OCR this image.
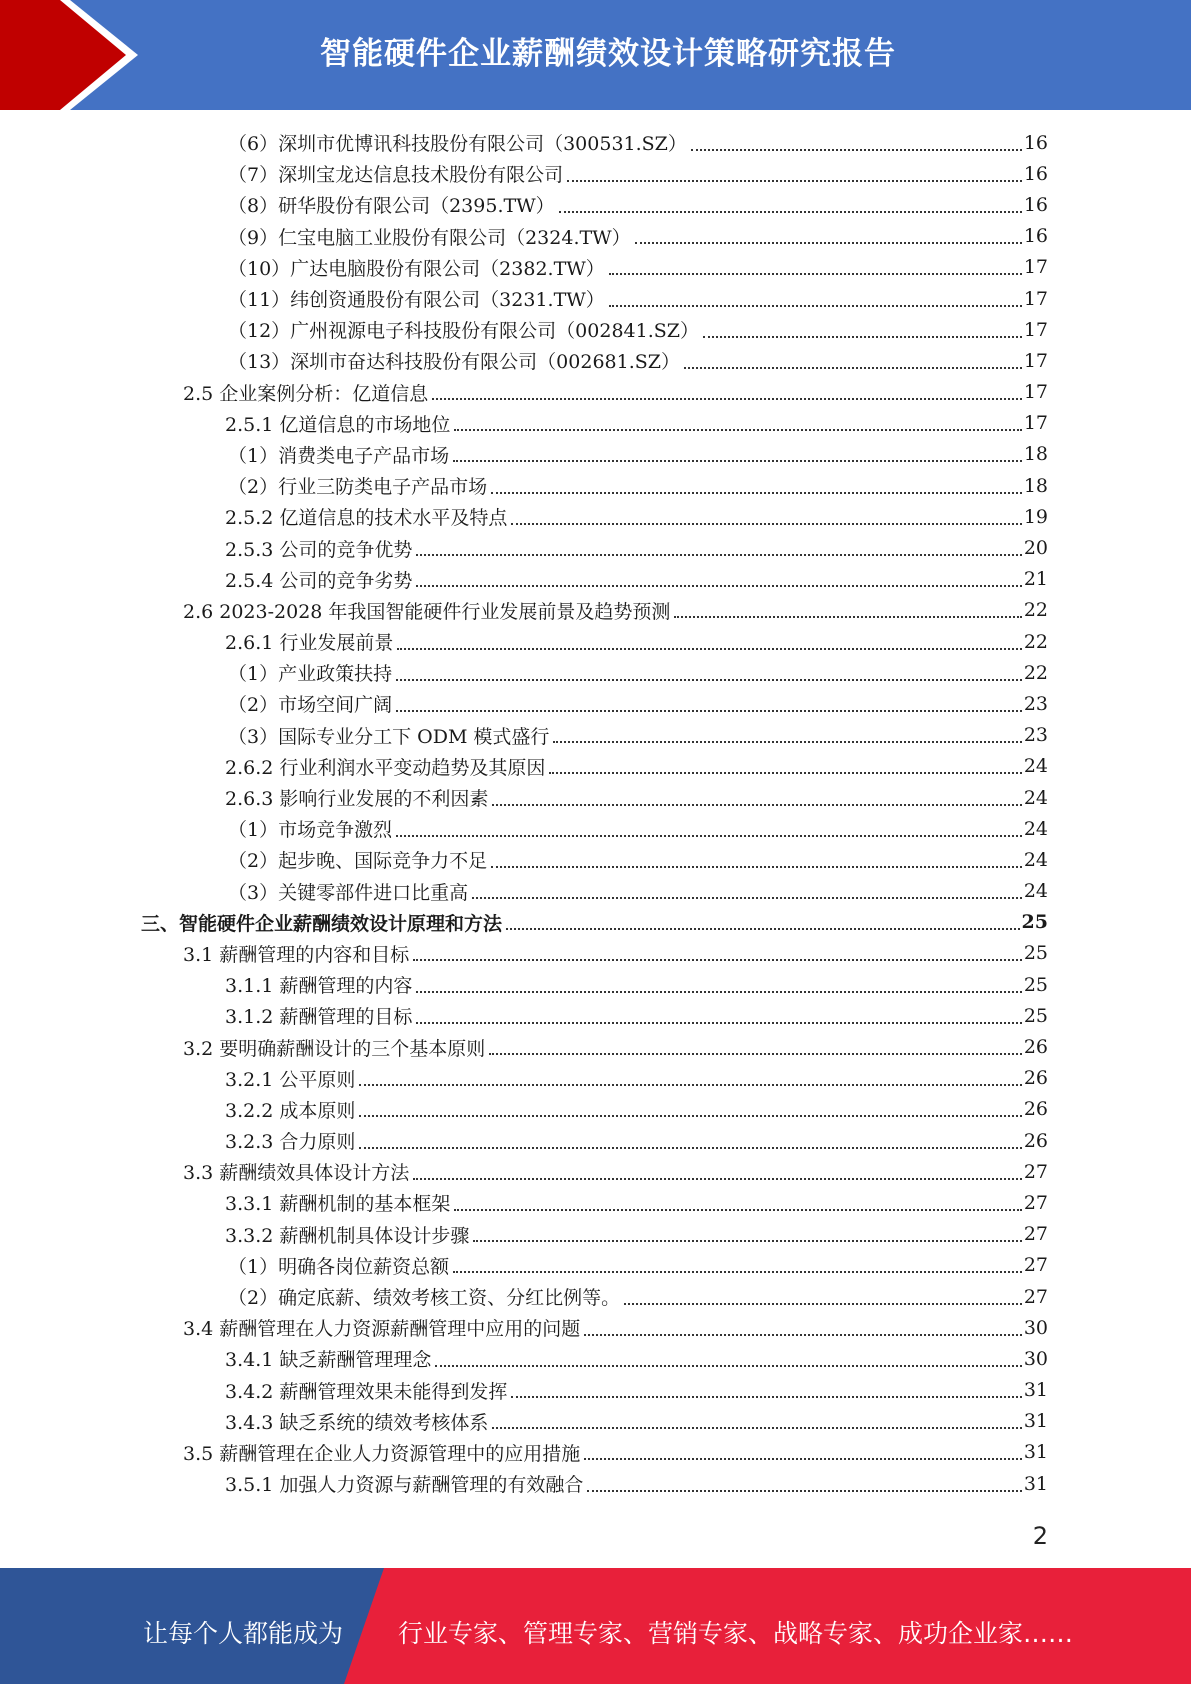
智能硬件企业薪酬绩效设计策略研究报告
（6）深圳市优博讯科技股份有限公司（300531.SZ）	16
（7）深圳宝龙达信息技术股份有限公司	16
（8）研华股份有限公司（2395.TW）	16
（9）仁宝电脑工业股份有限公司（2324.TW）	16
（10）广达电脑股份有限公司（2382.TW）	17
（11）纬创资通股份有限公司（3231.TW）	17
（12）广州视源电子科技股份有限公司（002841.SZ）	17
（13）深圳市奋达科技股份有限公司（002681.SZ）	17
2.5 企业案例分析：亿道信息	17
2.5.1 亿道信息的市场地位	17
（1）消费类电子产品市场	18
（2）行业三防类电子产品市场	18
2.5.2 亿道信息的技术水平及特点	19
2.5.3 公司的竞争优势	20
2.5.4 公司的竞争劣势	21
2.6 2023-2028 年我国智能硬件行业发展前景及趋势预测	22
2.6.1 行业发展前景	22
（1）产业政策扶持	22
（2）市场空间广阔	23
（3）国际专业分工下 ODM 模式盛行	23
2.6.2 行业利润水平变动趋势及其原因	24
2.6.3 影响行业发展的不利因素	24
（1）市场竞争激烈	24
（2）起步晚、国际竞争力不足	24
（3）关键零部件进口比重高	24
三、智能硬件企业薪酬绩效设计原理和方法	25
3.1 薪酬管理的内容和目标	25
3.1.1 薪酬管理的内容	25
3.1.2 薪酬管理的目标	25
3.2 要明确薪酬设计的三个基本原则	26
3.2.1 公平原则	26
3.2.2 成本原则	26
3.2.3 合力原则	26
3.3 薪酬绩效具体设计方法	27
3.3.1 薪酬机制的基本框架	27
3.3.2 薪酬机制具体设计步骤	27
（1）明确各岗位薪资总额	27
（2）确定底薪、绩效考核工资、分红比例等。	27
3.4 薪酬管理在人力资源薪酬管理中应用的问题	30
3.4.1 缺乏薪酬管理理念	30
3.4.2 薪酬管理效果未能得到发挥	31
3.4.3 缺乏系统的绩效考核体系	31
3.5 薪酬管理在企业人力资源管理中的应用措施	31
3.5.1 加强人力资源与薪酬管理的有效融合	31
2
让每个人都能成为 行业专家、管理专家、营销专家、战略专家、成功企业家……
